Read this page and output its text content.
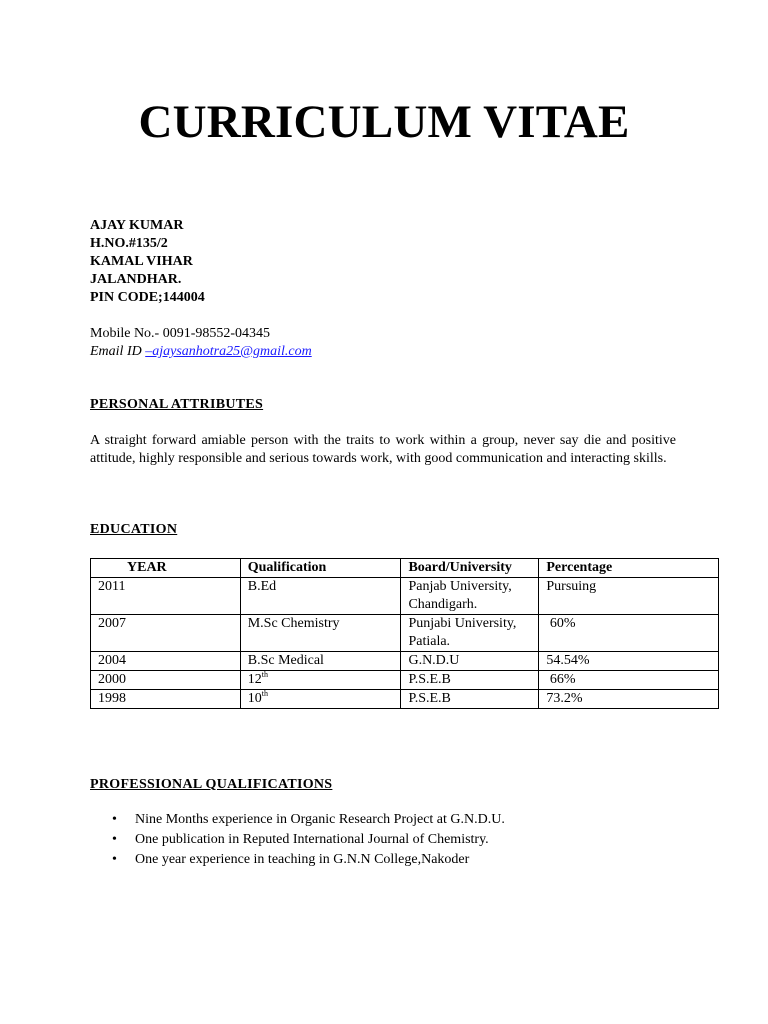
CURRICULUM VITAE
AJAY KUMAR
H.NO.#135/2
KAMAL VIHAR
JALANDHAR.
PIN CODE;144004
Mobile No.- 0091-98552-04345
Email ID –ajaysanhotra25@gmail.com
PERSONAL ATTRIBUTES
A straight forward amiable person with the traits to work within a group, never say die and positive attitude, highly responsible and serious towards work, with good communication and interacting skills.
EDUCATION
YEAR	Qualification	Board/University	Percentage
2011	B.Ed	Panjab University, Chandigarh.	Pursuing
2007	M.Sc Chemistry	Punjabi University, Patiala.	60%
2004	B.Sc Medical	G.N.D.U	54.54%
2000	12th	P.S.E.B	66%
1998	10th	P.S.E.B	73.2%
PROFESSIONAL QUALIFICATIONS
• Nine Months experience in Organic Research Project at G.N.D.U.
• One publication in Reputed International Journal of Chemistry.
• One year experience in teaching in G.N.N College,Nakoder
